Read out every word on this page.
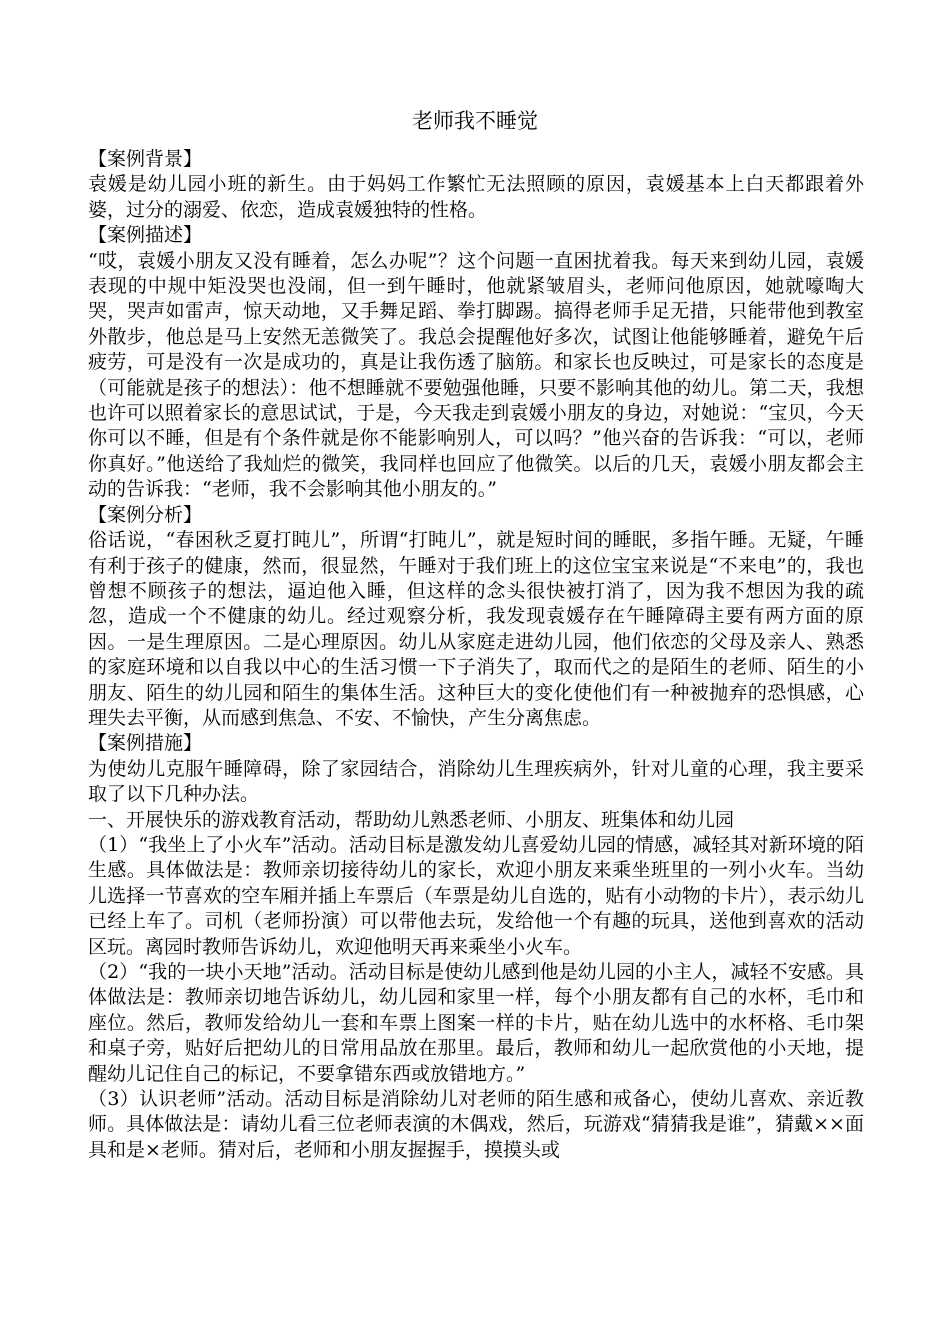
老师我不睡觉
【案例背景】

袁媛是幼儿园小班的新生。由于妈妈工作繁忙无法照顾的原因，袁媛基本上白天都跟着外婆，过分的溺爱、依恋，造成袁媛独特的性格。

【案例描述】

“哎，袁媛小朋友又没有睡着，怎么办呢”？这个问题一直困扰着我。每天来到幼儿园，袁媛表现的中规中矩没哭也没闹，但一到午睡时，他就紧皱眉头，老师问他原因，她就嚎啕大哭，哭声如雷声，惊天动地，又手舞足蹈、拳打脚踢。搞得老师手足无措，只能带他到教室外散步，他总是马上安然无恙微笑了。我总会提醒他好多次，试图让他能够睡着，避免午后疲劳，可是没有一次是成功的，真是让我伤透了脑筋。和家长也反映过，可是家长的态度是（可能就是孩子的想法）：他不想睡就不要勉强他睡，只要不影响其他的幼儿。第二天，我想也许可以照着家长的意思试试，于是，今天我走到袁媛小朋友的身边，对她说：“宝贝，今天你可以不睡，但是有个条件就是你不能影响别人，可以吗？”他兴奋的告诉我：“可以，老师你真好。”他送给了我灿烂的微笑，我同样也回应了他微笑。以后的几天，袁媛小朋友都会主动的告诉我：“老师，我不会影响其他小朋友的。”

【案例分析】

俗话说，“春困秋乏夏打盹儿”，所谓“打盹儿”，就是短时间的睡眠，多指午睡。无疑，午睡有利于孩子的健康，然而，很显然，午睡对于我们班上的这位宝宝来说是“不来电”的，我也曾想不顾孩子的想法，逼迫他入睡，但这样的念头很快被打消了，因为我不想因为我的疏忽，造成一个不健康的幼儿。经过观察分析，我发现袁媛存在午睡障碍主要有两方面的原因。一是生理原因。二是心理原因。幼儿从家庭走进幼儿园，他们依恋的父母及亲人、熟悉的家庭环境和以自我以中心的生活习惯一下子消失了，取而代之的是陌生的老师、陌生的小朋友、陌生的幼儿园和陌生的集体生活。这种巨大的变化使他们有一种被抛弃的恐惧感，心理失去平衡，从而感到焦急、不安、不愉快，产生分离焦虑。

【案例措施】

为使幼儿克服午睡障碍，除了家园结合，消除幼儿生理疾病外，针对儿童的心理，我主要采取了以下几种办法。

一、开展快乐的游戏教育活动，帮助幼儿熟悉老师、小朋友、班集体和幼儿园

（1）“我坐上了小火车”活动。活动目标是激发幼儿喜爱幼儿园的情感，减轻其对新环境的陌生感。具体做法是：教师亲切接待幼儿的家长，欢迎小朋友来乘坐班里的一列小火车。当幼儿选择一节喜欢的空车厢并插上车票后（车票是幼儿自选的，贴有小动物的卡片），表示幼儿已经上车了。司机（老师扮演）可以带他去玩，发给他一个有趣的玩具，送他到喜欢的活动区玩。离园时教师告诉幼儿，欢迎他明天再来乘坐小火车。

（2）“我的一块小天地”活动。活动目标是使幼儿感到他是幼儿园的小主人，减轻不安感。具体做法是：教师亲切地告诉幼儿，幼儿园和家里一样，每个小朋友都有自己的水杯，毛巾和座位。然后，教师发给幼儿一套和车票上图案一样的卡片，贴在幼儿选中的水杯格、毛巾架和桌子旁，贴好后把幼儿的日常用品放在那里。最后，教师和幼儿一起欣赏他的小天地，提醒幼儿记住自己的标记，不要拿错东西或放错地方。”

（3）认识老师”活动。活动目标是消除幼儿对老师的陌生感和戒备心，使幼儿喜欢、亲近教师。具体做法是：请幼儿看三位老师表演的木偶戏，然后，玩游戏“猜猜我是谁”，猜戴××面具和是×老师。猜对后，老师和小朋友握握手，摸摸头或
